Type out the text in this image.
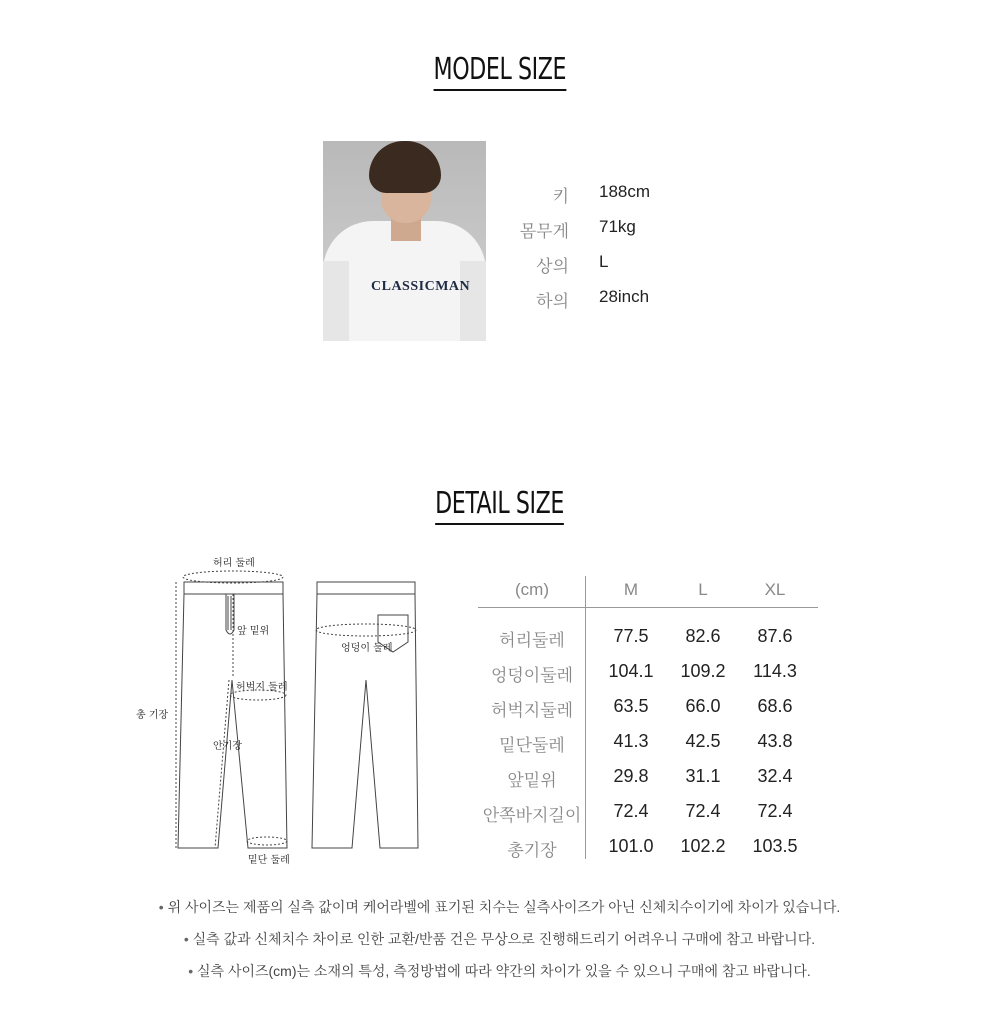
MODEL SIZE
CLASSICMAN
키 188cm
몸무게 71kg
상의 L
하의 28inch
DETAIL SIZE
허리 둘레
앞 밑위
허벅지 둘레
총 기장
안기장
밑단 둘레
엉덩이 둘레
(cm)	M	L	XL
허리둘레	77.5	82.6	87.6
엉덩이둘레	104.1	109.2	114.3
허벅지둘레	63.5	66.0	68.6
밑단둘레	41.3	42.5	43.8
앞밑위	29.8	31.1	32.4
안쪽바지길이	72.4	72.4	72.4
총기장	101.0	102.2	103.5
• 위 사이즈는 제품의 실측 값이며 케어라벨에 표기된 치수는 실측사이즈가 아닌 신체치수이기에 차이가 있습니다.
• 실측 값과 신체치수 차이로 인한 교환/반품 건은 무상으로 진행해드리기 어려우니 구매에 참고 바랍니다.
• 실측 사이즈(cm)는 소재의 특성, 측정방법에 따라 약간의 차이가 있을 수 있으니 구매에 참고 바랍니다.
